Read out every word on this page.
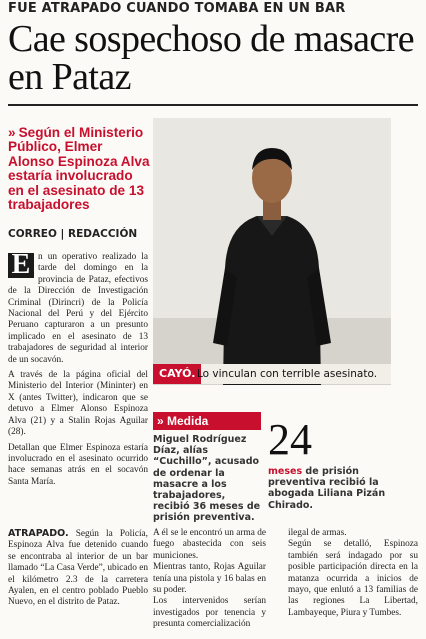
FUE ATRAPADO CUANDO TOMABA EN UN BAR
Cae sospechoso de masacre en Pataz
» Según el Ministerio Público, Elmer Alonso Espinoza Alva estaría involucrado en el asesinato de 13 trabajadores
CORREO | REDACCIÓN
E n un operativo realizado la tarde del domingo en la provincia de Pataz, efectivos de la Dirección de Investigación Criminal (Dirincri) de la Policía Nacional del Perú y del Ejército Peruano capturaron a un presunto implicado en el asesinato de 13 trabajadores de seguridad al interior de un socavón.

A través de la página oficial del Ministerio del Interior (Mininter) en X (antes Twitter), indicaron que se detuvo a Elmer Alonso Espinoza Alva (21) y a Stalin Rojas Aguilar (28).

Detallan que Elmer Espinoza estaría involucrado en el asesinato ocurrido hace semanas atrás en el socavón Santa María.

CAYÓ. Lo vinculan con terrible asesinato.
» Medida
Miguel Rodríguez Díaz, alías “Cuchillo”, acusado de ordenar la masacre a los trabajadores, recibió 36 meses de prisión preventiva.
24
meses de prisión preventiva recibió la abogada Liliana Pizán Chirado.

ATRAPADO. Según la Policía, Espinoza Alva fue detenido cuando se encontraba al interior de un bar llamado “La Casa Verde”, ubicado en el kilómetro 2.3 de la carretera Ayalen, en el centro poblado Pueblo Nuevo, en el distrito de Pataz.

A él se le encontró un arma de fuego abastecida con seis municiones.

Mientras tanto, Rojas Aguilar tenía una pistola y 16 balas en su poder.

Los intervenidos serían investigados por tenencia y presunta comercialización

ilegal de armas.

Según se detalló, Espinoza también será indagado por su posible participación directa en la matanza ocurrida a inicios de mayo, que enlutó a 13 familias de las regiones La Libertad, Lambayeque, Piura y Tumbes.
